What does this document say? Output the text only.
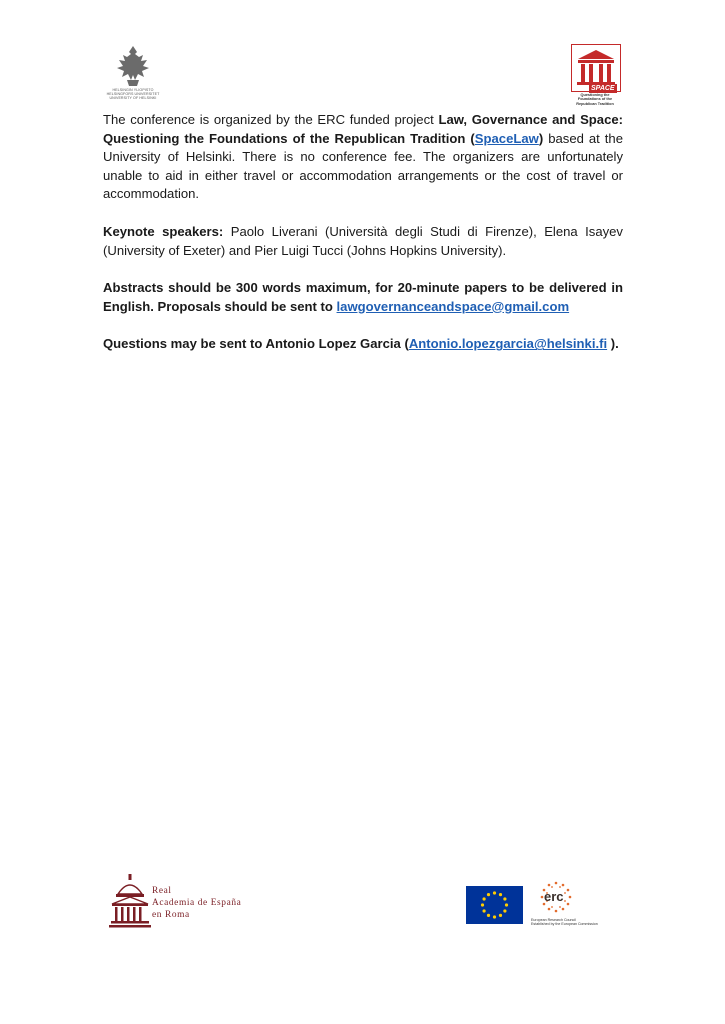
HELSINGIN YLIOPISTO
HELSINGFORS UNIVERSITET
UNIVERSITY OF HELSINKI
SPACE
Questioning the
Foundations of the
Republican Tradition

The conference is organized by the ERC funded project Law, Governance and Space: Questioning the Foundations of the Republican Tradition (SpaceLaw) based at the University of Helsinki. There is no conference fee. The organizers are unfortunately unable to aid in either travel or accommodation arrangements or the cost of travel or accommodation.

Keynote speakers: Paolo Liverani (Università degli Studi di Firenze), Elena Isayev (University of Exeter) and Pier Luigi Tucci (Johns Hopkins University).

Abstracts should be 300 words maximum, for 20-minute papers to be delivered in English. Proposals should be sent to lawgovernanceandspace@gmail.com

Questions may be sent to Antonio Lopez Garcia (Antonio.lopezgarcia@helsinki.fi ).

Real
Academia de España
en Roma
erc
European Research Council
Established by the European Commission
